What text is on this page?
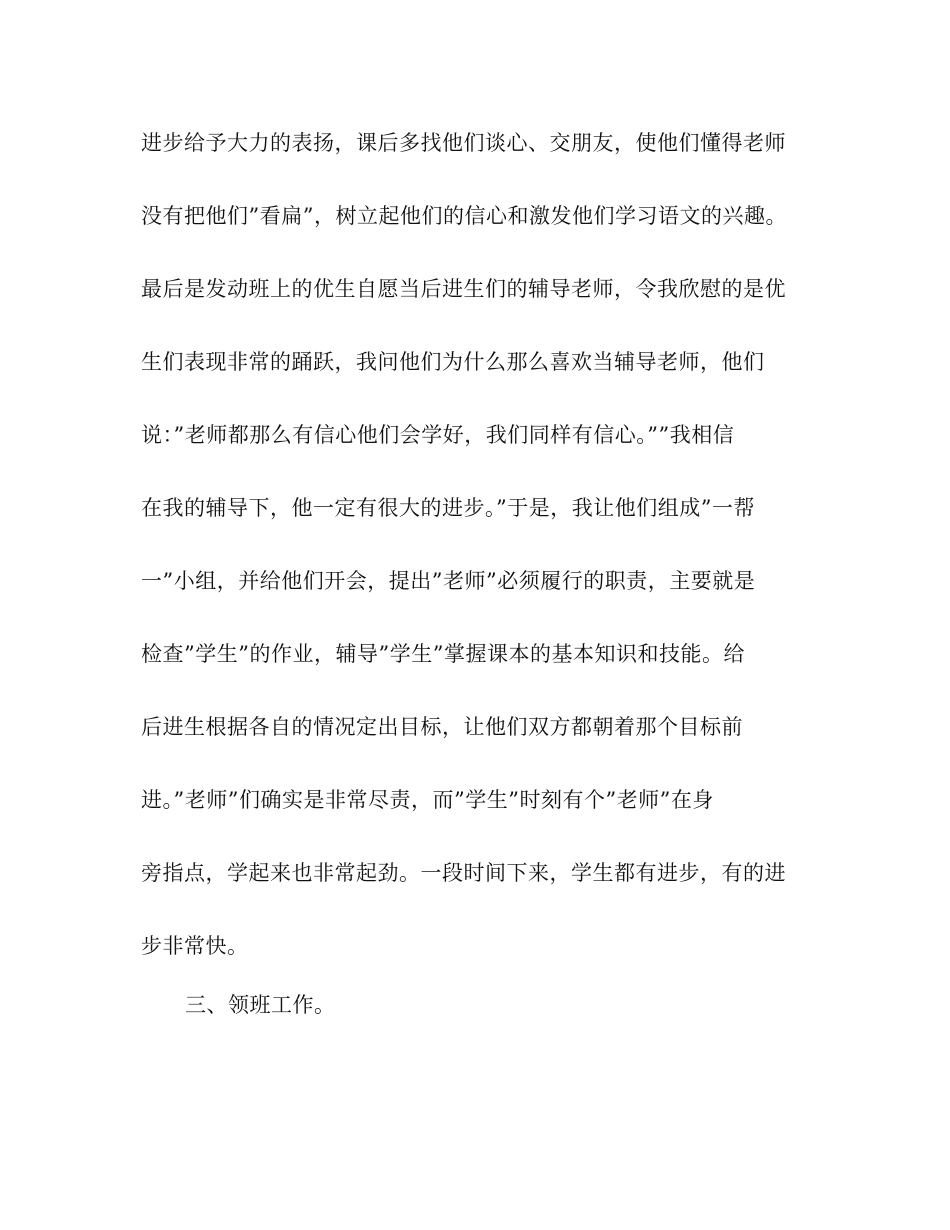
进步给予大力的表扬，课后多找他们谈心、交朋友，使他们懂得老师
没有把他们”看扁”，树立起他们的信心和激发他们学习语文的兴趣。
最后是发动班上的优生自愿当后进生们的辅导老师，令我欣慰的是优
生们表现非常的踊跃，我问他们为什么那么喜欢当辅导老师，他们
说：”老师都那么有信心他们会学好，我们同样有信心。””我相信
在我的辅导下，他一定有很大的进步。”于是，我让他们组成”一帮
一”小组，并给他们开会，提出”老师”必须履行的职责，主要就是
检查”学生”的作业，辅导”学生”掌握课本的基本知识和技能。给
后进生根据各自的情况定出目标，让他们双方都朝着那个目标前
进。”老师”们确实是非常尽责，而”学生”时刻有个”老师”在身
旁指点，学起来也非常起劲。一段时间下来，学生都有进步，有的进
步非常快。
三、领班工作。
